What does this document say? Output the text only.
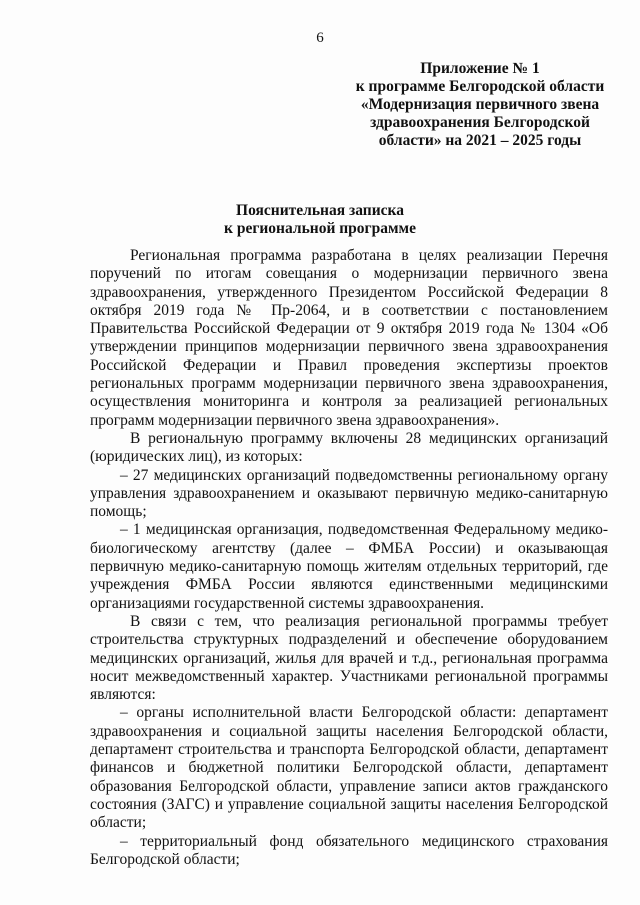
6
Приложение № 1
к программе Белгородской области
«Модернизация первичного звена
здравоохранения Белгородской
области» на 2021 – 2025 годы
Пояснительная записка
к региональной программе

Региональная программа разработана в целях реализации Перечня поручений по итогам совещания о модернизации первичного звена здравоохранения, утвержденного Президентом Российской Федерации 8 октября 2019 года № Пр-2064, и в соответствии с постановлением Правительства Российской Федерации от 9 октября 2019 года № 1304 «Об утверждении принципов модернизации первичного звена здравоохранения Российской Федерации и Правил проведения экспертизы проектов региональных программ модернизации первичного звена здравоохранения, осуществления мониторинга и контроля за реализацией региональных программ модернизации первичного звена здравоохранения».

В региональную программу включены 28 медицинских организаций (юридических лиц), из которых:

– 27 медицинских организаций подведомственны региональному органу управления здравоохранением и оказывают первичную медико-санитарную помощь;

– 1 медицинская организация, подведомственная Федеральному медико-биологическому агентству (далее – ФМБА России) и оказывающая первичную медико-санитарную помощь жителям отдельных территорий, где учреждения ФМБА России являются единственными медицинскими организациями государственной системы здравоохранения.

В связи с тем, что реализация региональной программы требует строительства структурных подразделений и обеспечение оборудованием медицинских организаций, жилья для врачей и т.д., региональная программа носит межведомственный характер. Участниками региональной программы являются:

– органы исполнительной власти Белгородской области: департамент здравоохранения и социальной защиты населения Белгородской области, департамент строительства и транспорта Белгородской области, департамент финансов и бюджетной политики Белгородской области, департамент образования Белгородской области, управление записи актов гражданского состояния (ЗАГС) и управление социальной защиты населения Белгородской области;

– территориальный фонд обязательного медицинского страхования Белгородской области;
